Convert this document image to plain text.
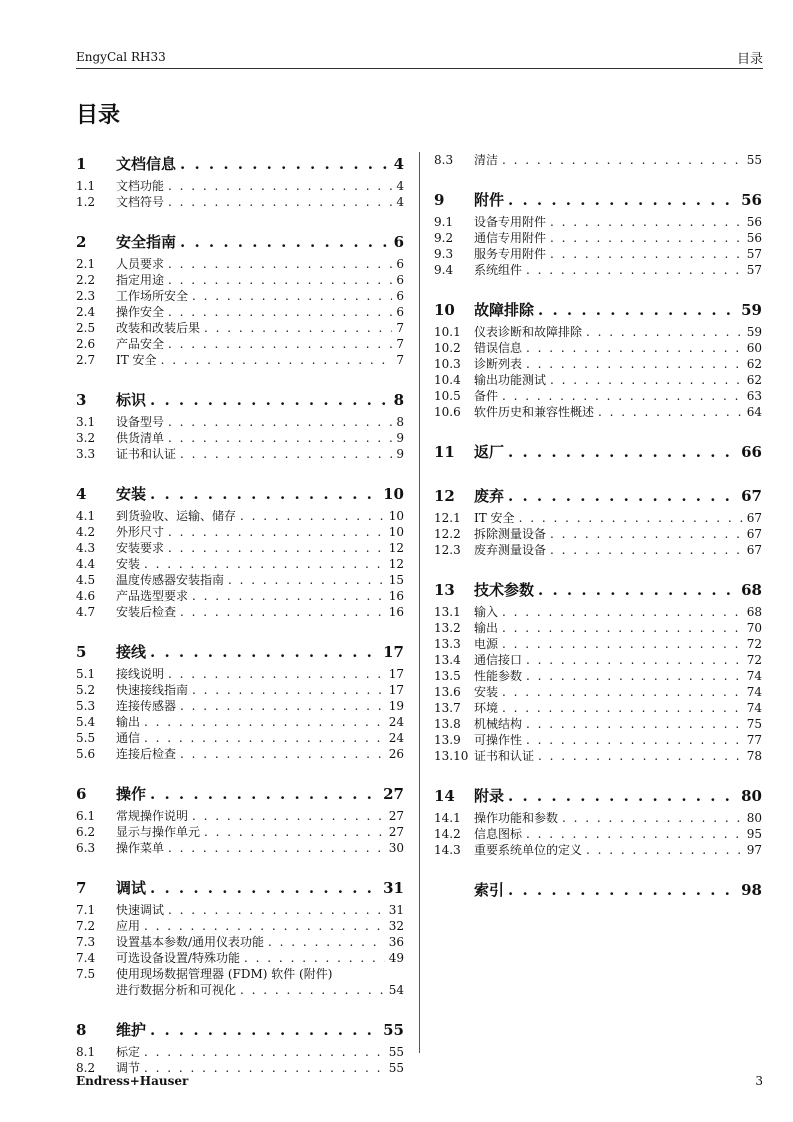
EngyCal RH33	目录
目录
1	文档信息 . . .	4
1.1	文档功能 . . .	4
1.2	文档符号 . . .	4
2	安全指南 . . .	6
2.1	人员要求 . . .	6
2.2	指定用途 . . .	6
2.3	工作场所安全 . . .	6
2.4	操作安全 . . .	6
2.5	改装和改装后果 . . .	7
2.6	产品安全 . . .	7
2.7	IT 安全 . . .	7
3	标识 . . .	8
3.1	设备型号 . . .	8
3.2	供货清单 . . .	9
3.3	证书和认证 . . .	9
4	安装 . . .	10
4.1	到货验收、运输、储存 . . .	10
4.2	外形尺寸 . . .	10
4.3	安装要求 . . .	12
4.4	安装 . . .	12
4.5	温度传感器安装指南 . . .	15
4.6	产品选型要求 . . .	16
4.7	安装后检查 . . .	16
5	接线 . . .	17
5.1	接线说明 . . .	17
5.2	快速接线指南 . . .	17
5.3	连接传感器 . . .	19
5.4	输出 . . .	24
5.5	通信 . . .	24
5.6	连接后检查 . . .	26
6	操作 . . .	27
6.1	常规操作说明 . . .	27
6.2	显示与操作单元 . . .	27
6.3	操作菜单 . . .	30
7	调试 . . .	31
7.1	快速调试 . . .	31
7.2	应用 . . .	32
7.3	设置基本参数/通用仪表功能 . . .	36
7.4	可选设备设置/特殊功能 . . .	49
7.5	使用现场数据管理器 (FDM) 软件 (附件)
进行数据分析和可视化 . . .	54
8	维护 . . .	55
8.1	标定 . . .	55
8.2	调节 . . .	55
8.3	清洁 . . .	55
9	附件 . . .	56
9.1	设备专用附件 . . .	56
9.2	通信专用附件 . . .	56
9.3	服务专用附件 . . .	57
9.4	系统组件 . . .	57
10	故障排除 . . .	59
10.1	仪表诊断和故障排除 . . .	59
10.2	错误信息 . . .	60
10.3	诊断列表 . . .	62
10.4	输出功能测试 . . .	62
10.5	备件 . . .	63
10.6	软件历史和兼容性概述 . . .	64
11	返厂 . . .	66
12	废弃 . . .	67
12.1	IT 安全 . . .	67
12.2	拆除测量设备 . . .	67
12.3	废弃测量设备 . . .	67
13	技术参数 . . .	68
13.1	输入 . . .	68
13.2	输出 . . .	70
13.3	电源 . . .	72
13.4	通信接口 . . .	72
13.5	性能参数 . . .	74
13.6	安装 . . .	74
13.7	环境 . . .	74
13.8	机械结构 . . .	75
13.9	可操作性 . . .	77
13.10 证书和认证 . . .	78
14	附录 . . .	80
14.1	操作功能和参数 . . .	80
14.2	信息图标 . . .	95
14.3	重要系统单位的定义 . . .	97
索引 . . .	98
Endress+Hauser	3
